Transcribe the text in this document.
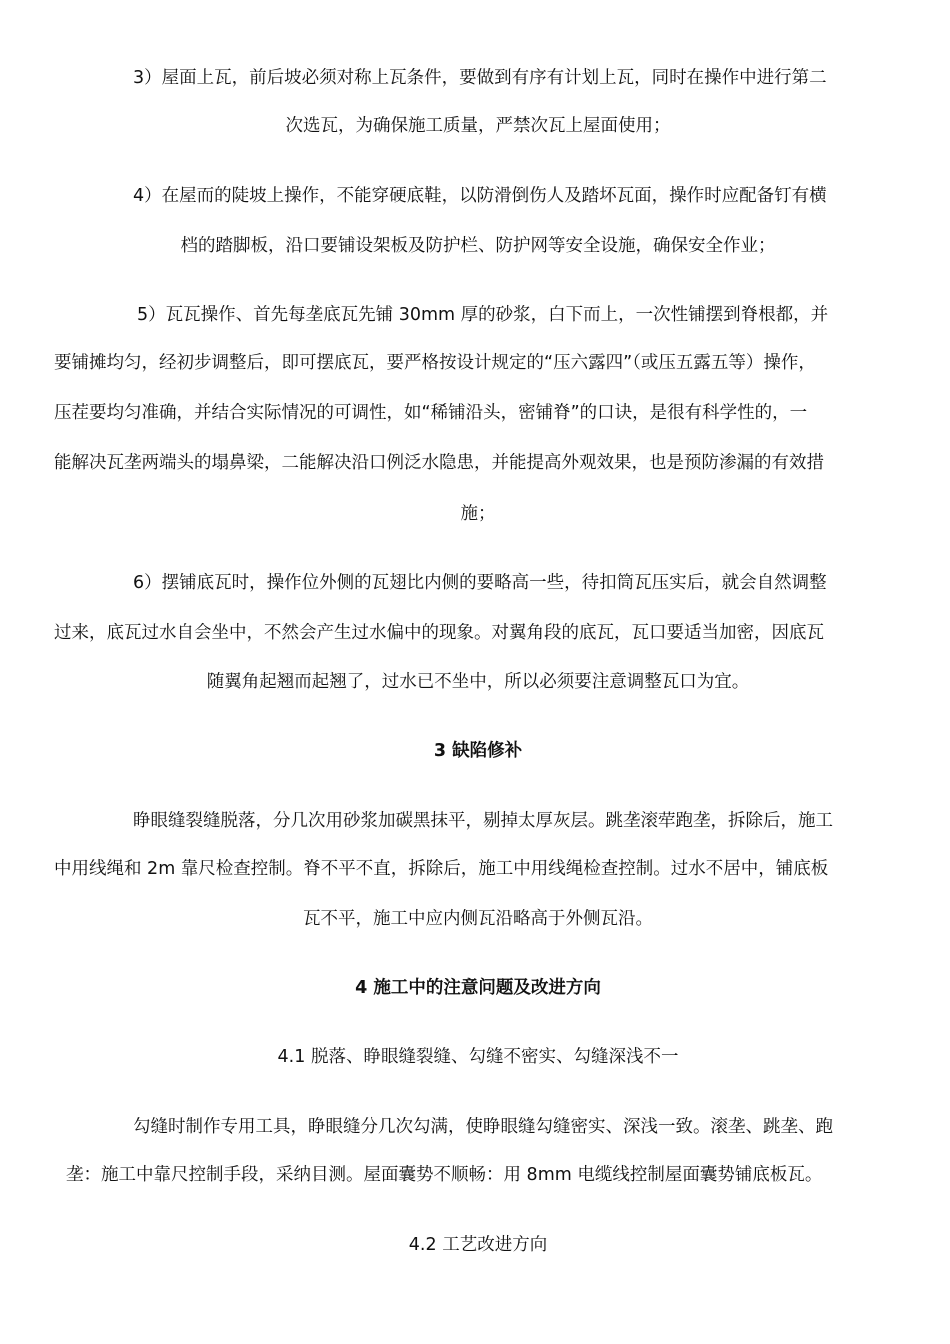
3）屋面上瓦，前后坡必须对称上瓦条件，要做到有序有计划上瓦，同时在操作中进行第二
次选瓦，为确保施工质量，严禁次瓦上屋面使用；
4）在屋而的陡坡上操作，不能穿硬底鞋，以防滑倒伤人及踏坏瓦面，操作时应配备钉有横
档的踏脚板，沿口要铺设架板及防护栏、防护网等安全设施，确保安全作业；
5）瓦瓦操作、首先每垄底瓦先铺 30mm 厚的砂浆，白下而上，一次性铺摆到脊根都，并
要铺摊均匀，经初步调整后，即可摆底瓦，要严格按设计规定的“压六露四”（或压五露五等）操作，
压茬要均匀准确，并结合实际情况的可调性，如“稀铺沿头，密铺脊”的口诀，是很有科学性的，一
能解决瓦垄两端头的塌鼻梁，二能解决沿口例泛水隐患，并能提高外观效果，也是预防渗漏的有效措
施；
6）摆铺底瓦时，操作位外侧的瓦翅比内侧的要略高一些，待扣筒瓦压实后，就会自然调整
过来，底瓦过水自会坐中，不然会产生过水偏中的现象。对翼角段的底瓦，瓦口要适当加密，因底瓦
随翼角起翘而起翘了，过水已不坐中，所以必须要注意调整瓦口为宜。
3 缺陷修补
睁眼缝裂缝脱落，分几次用砂浆加碳黑抹平，剔掉太厚灰层。跳垄滚荦跑垄，拆除后，施工
中用线绳和 2m 靠尺检查控制。脊不平不直，拆除后，施工中用线绳检查控制。过水不居中，铺底板
瓦不平，施工中应内侧瓦沿略高于外侧瓦沿。
4 施工中的注意问题及改进方向
4.1 脱落、睁眼缝裂缝、勾缝不密实、勾缝深浅不一
勾缝时制作专用工具，睁眼缝分几次勾满，使睁眼缝勾缝密实、深浅一致。滚垄、跳垄、跑
垄：施工中靠尺控制手段，采纳目测。屋面囊势不顺畅：用 8mm 电缆线控制屋面囊势铺底板瓦。
4.2 工艺改进方向
